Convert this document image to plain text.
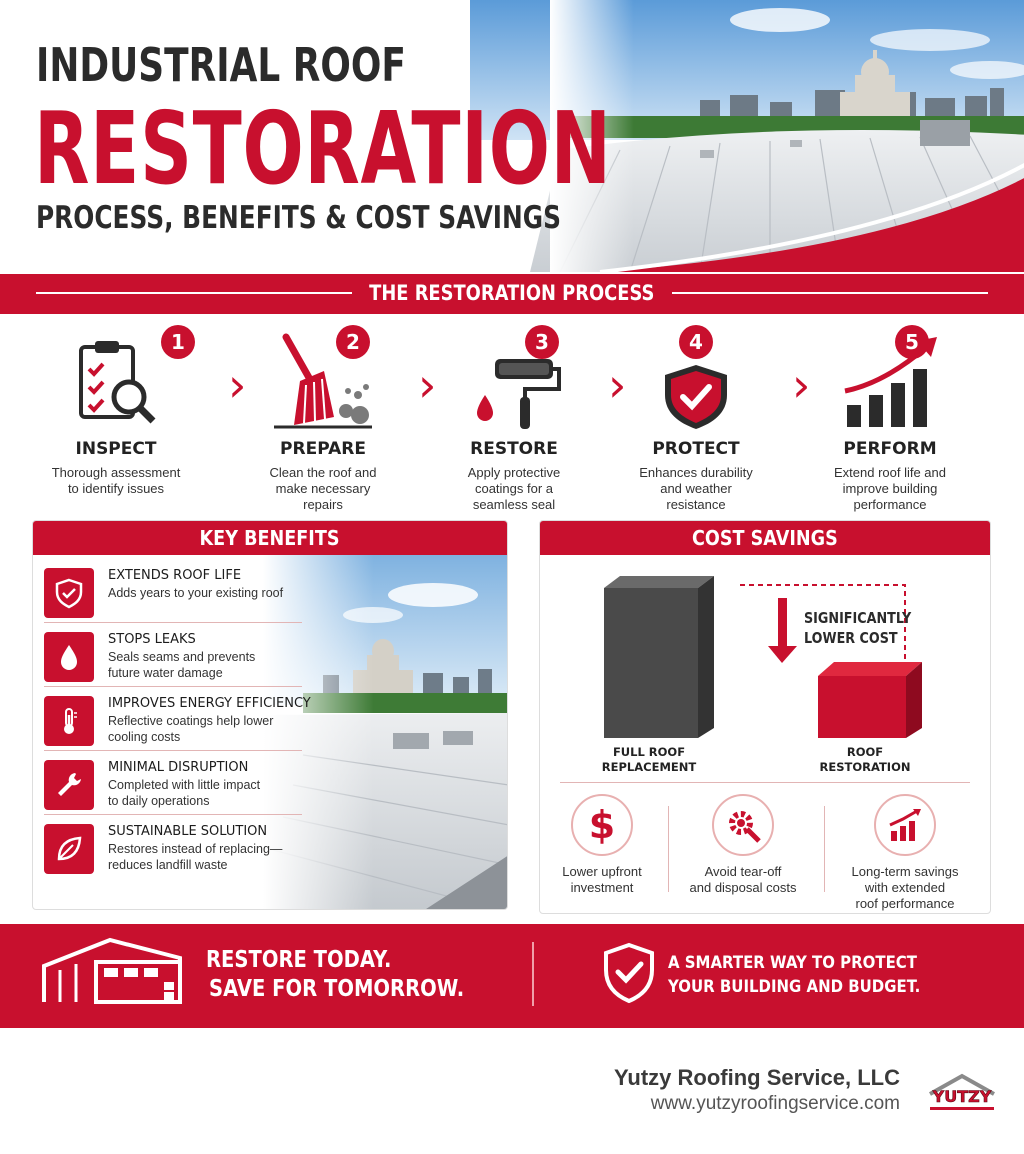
INDUSTRIAL ROOF
RESTORATION
PROCESS, BENEFITS & COST SAVINGS
THE RESTORATION PROCESS
1
INSPECT
Thorough assessment
to identify issues
›
2
PREPARE
Clean the roof and
make necessary
repairs
›
3
RESTORE
Apply protective
coatings for a
seamless seal
›
4
PROTECT
Enhances durability
and weather
resistance
›
5
PERFORM
Extend roof life and
improve building
performance
KEY BENEFITS
EXTENDS ROOF LIFE
Adds years to your existing roof
STOPS LEAKS
Seals seams and prevents
future water damage
IMPROVES ENERGY EFFICIENCY
Reflective coatings help lower
cooling costs
MINIMAL DISRUPTION
Completed with little impact
to daily operations
SUSTAINABLE SOLUTION
Restores instead of replacing—
reduces landfill waste
COST SAVINGS
SIGNIFICANTLY
LOWER COST
FULL ROOF
REPLACEMENT
ROOF
RESTORATION
$
Lower upfront
investment
Avoid tear-off
and disposal costs
Long-term savings
with extended
roof performance
RESTORE TODAY.
SAVE FOR TOMORROW.
A SMARTER WAY TO PROTECT
YOUR BUILDING AND BUDGET.
Yutzy Roofing Service, LLC
www.yutzyroofingservice.com YUTZY
